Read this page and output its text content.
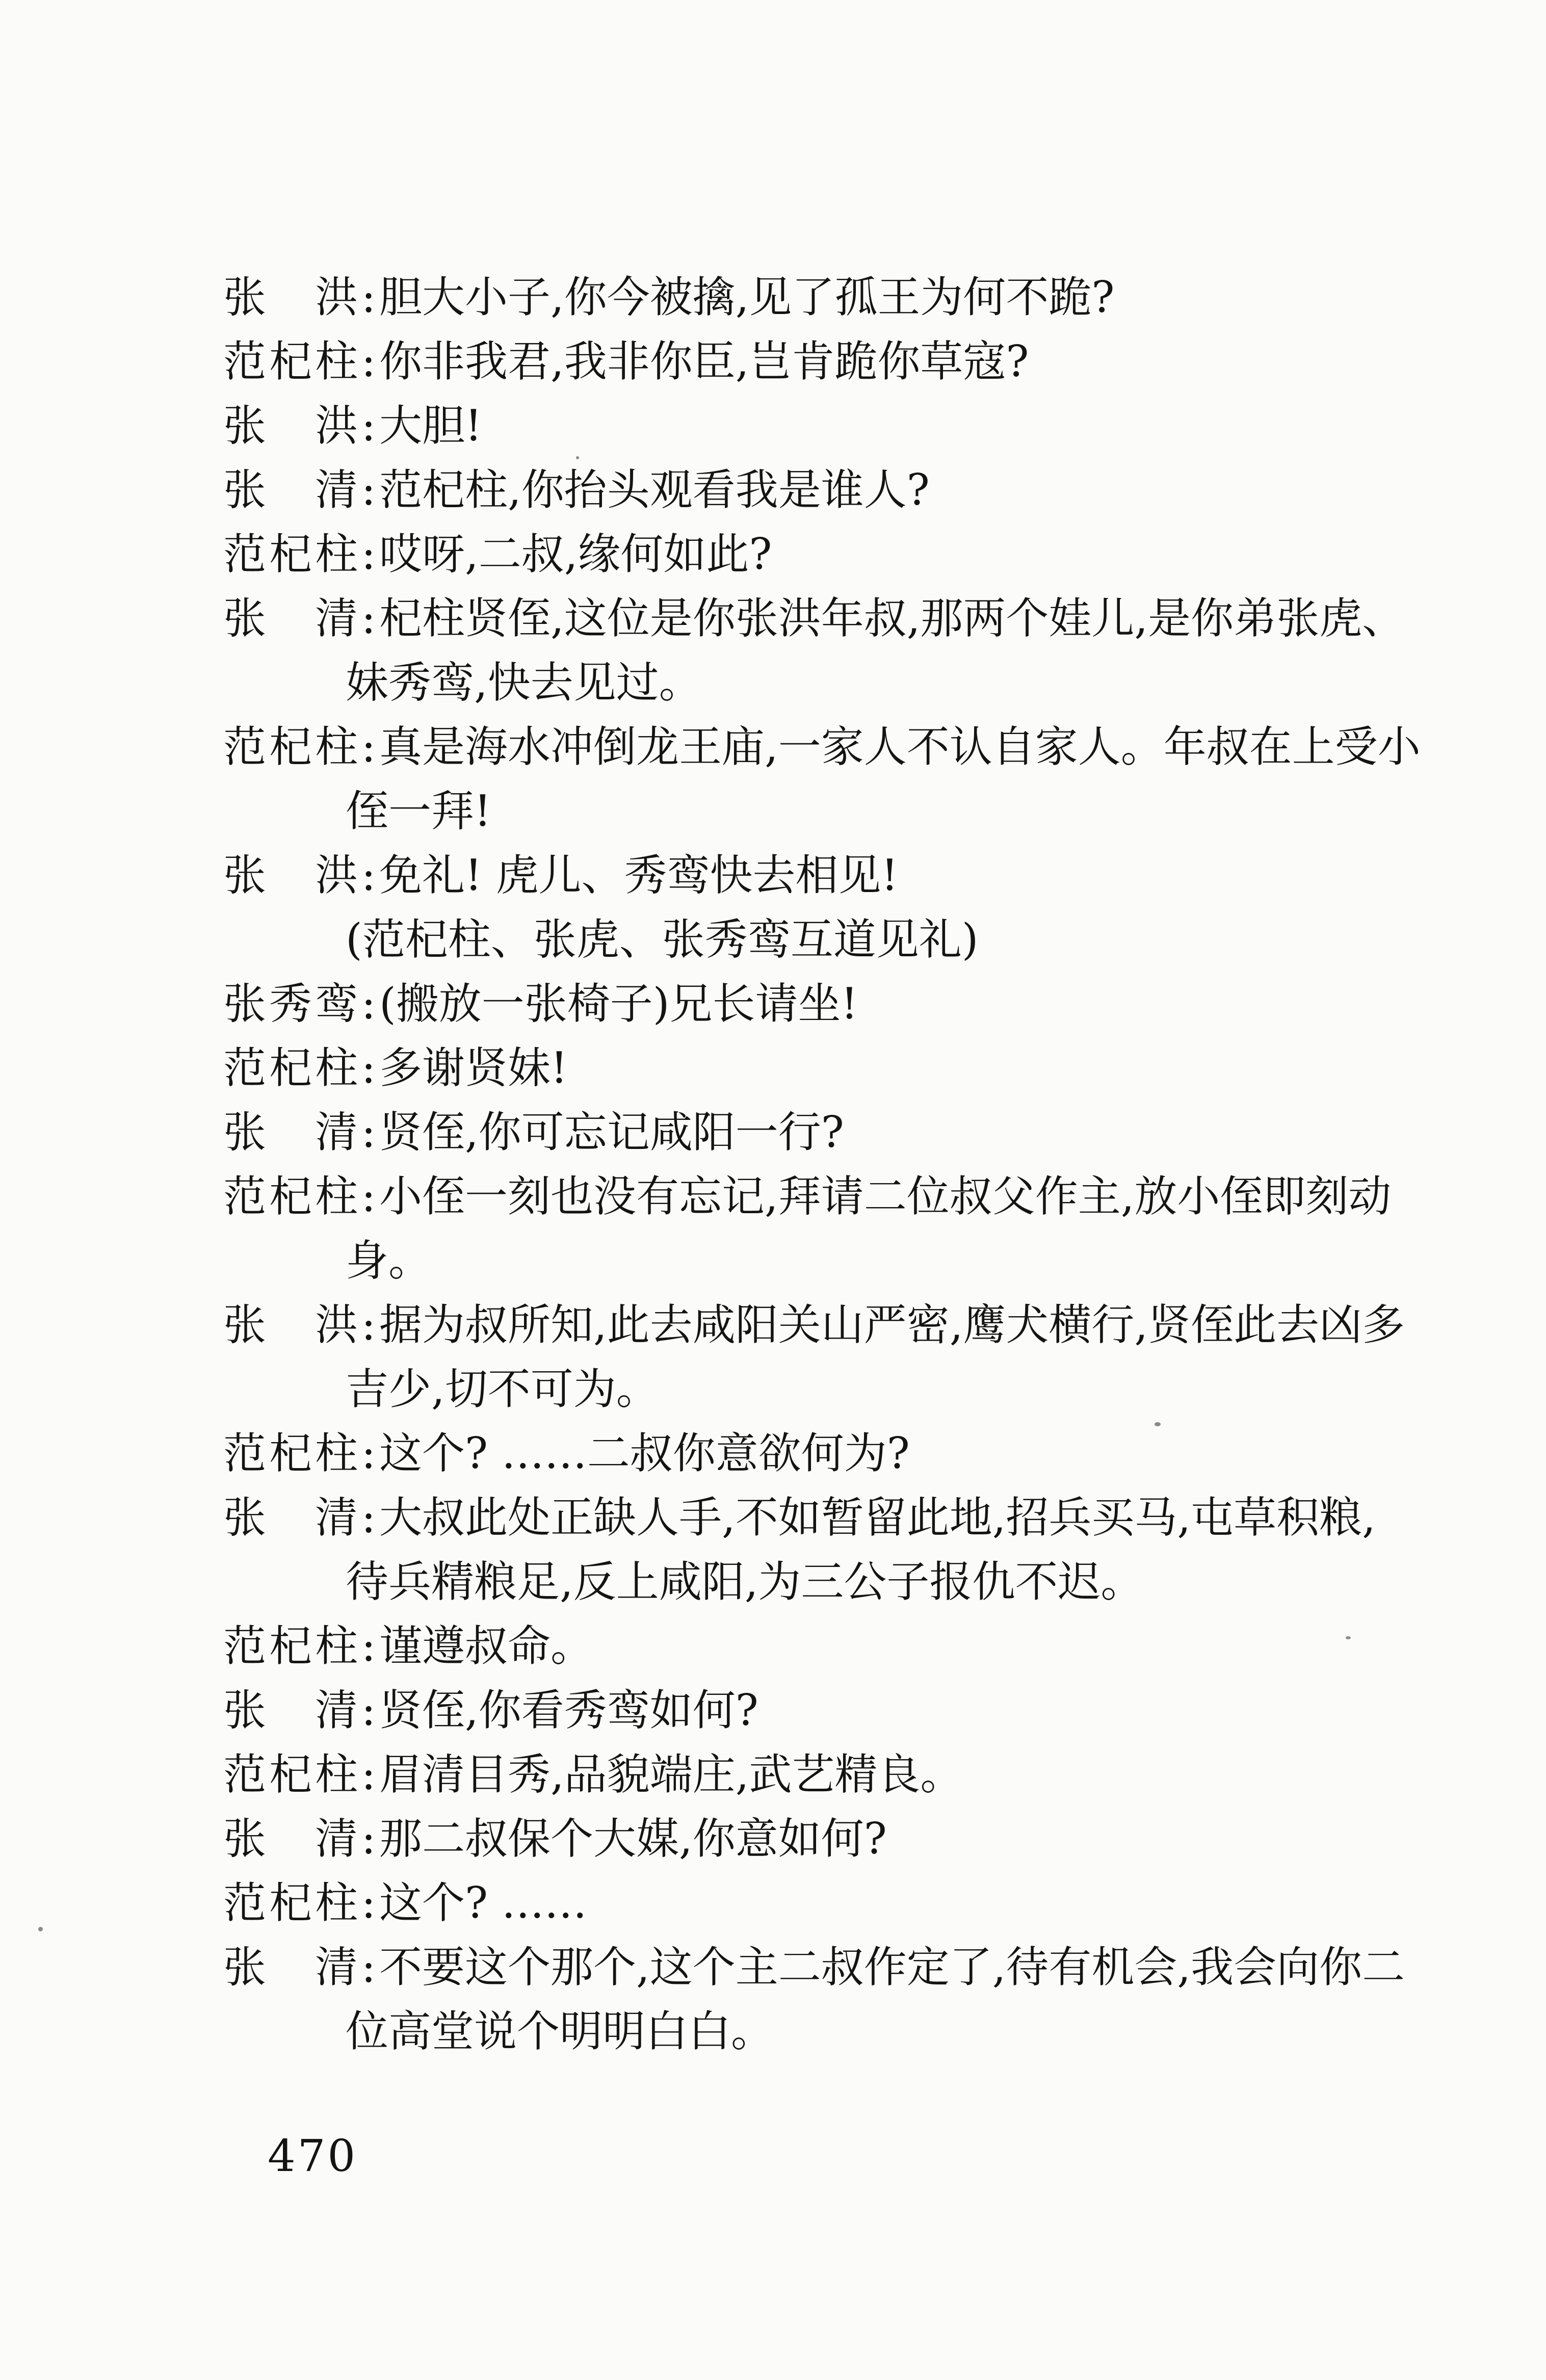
张　洪 : 胆大小子,你今被擒,见了孤王为何不跪?
范杞柱 : 你非我君,我非你臣,岂肯跪你草寇?
张　洪 : 大胆!
张　清 : 范杞柱,你抬头观看我是谁人?
范杞柱 : 哎呀,二叔,缘何如此?
张　清 : 杞柱贤侄,这位是你张洪年叔,那两个娃儿,是你弟张虎、
妹秀鸾,快去见过。
范杞柱 : 真是海水冲倒龙王庙,一家人不认自家人。年叔在上受小
侄一拜!
张　洪 : 免礼! 虎儿、秀鸾快去相见!
(范杞柱、张虎、张秀鸾互道见礼)
张秀鸾 : (搬放一张椅子)兄长请坐!
范杞柱 : 多谢贤妹!
张　清 : 贤侄,你可忘记咸阳一行?
范杞柱 : 小侄一刻也没有忘记,拜请二位叔父作主,放小侄即刻动
身。
张　洪 : 据为叔所知,此去咸阳关山严密,鹰犬横行,贤侄此去凶多
吉少,切不可为。
范杞柱 : 这个? ……二叔你意欲何为?
张　清 : 大叔此处正缺人手,不如暂留此地,招兵买马,屯草积粮,
待兵精粮足,反上咸阳,为三公子报仇不迟。
范杞柱 : 谨遵叔命。
张　清 : 贤侄,你看秀鸾如何?
范杞柱 : 眉清目秀,品貌端庄,武艺精良。
张　清 : 那二叔保个大媒,你意如何?
范杞柱 : 这个? ……
张　清 : 不要这个那个,这个主二叔作定了,待有机会,我会向你二
位高堂说个明明白白。
470
